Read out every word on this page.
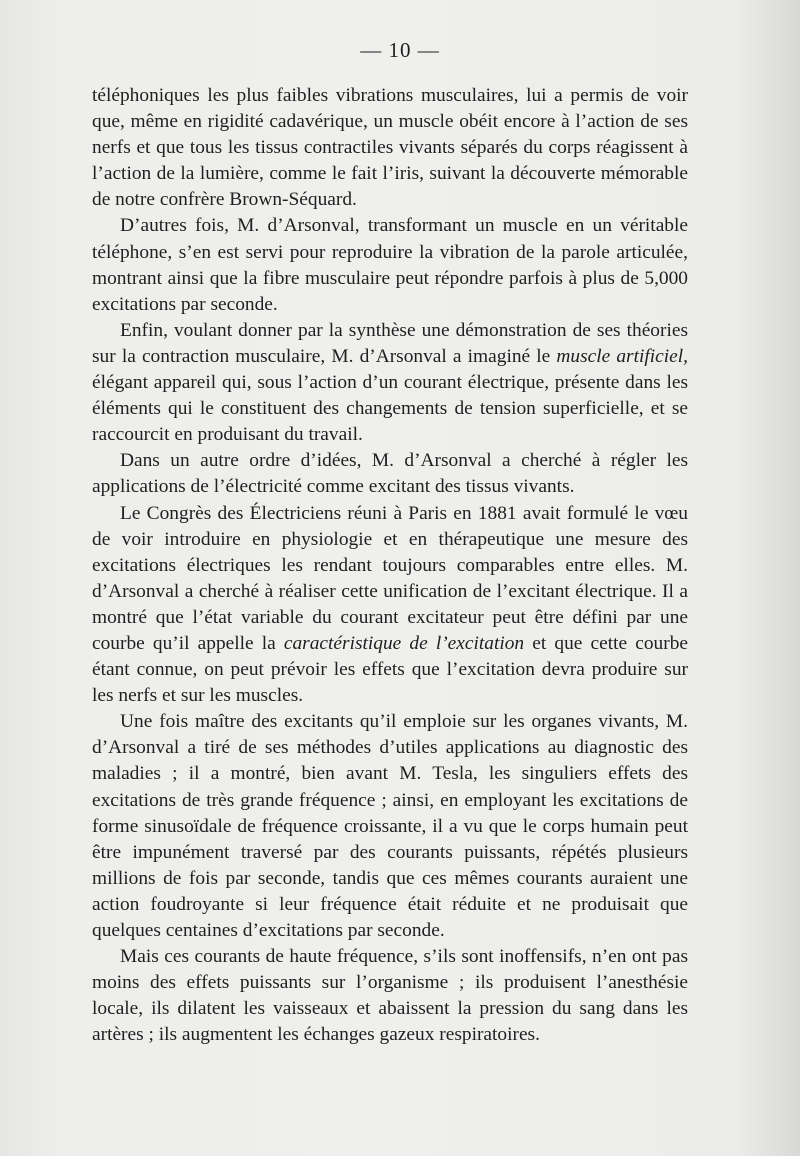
— 10 —

téléphoniques les plus faibles vibrations musculaires, lui a permis de voir que, même en rigidité cadavérique, un muscle obéit encore à l’action de ses nerfs et que tous les tissus contractiles vivants séparés du corps réagissent à l’action de la lumière, comme le fait l’iris, suivant la découverte mémorable de notre confrère Brown-Séquard.

D’autres fois, M. d’Arsonval, transformant un muscle en un véritable téléphone, s’en est servi pour reproduire la vibration de la parole articulée, montrant ainsi que la fibre musculaire peut répondre parfois à plus de 5,000 excitations par seconde.

Enfin, voulant donner par la synthèse une démonstration de ses théories sur la contraction musculaire, M. d’Arsonval a imaginé le muscle artificiel, élégant appareil qui, sous l’action d’un courant électrique, présente dans les éléments qui le constituent des changements de tension superficielle, et se raccourcit en produisant du travail.

Dans un autre ordre d’idées, M. d’Arsonval a cherché à régler les applications de l’électricité comme excitant des tissus vivants.

Le Congrès des Électriciens réuni à Paris en 1881 avait formulé le vœu de voir introduire en physiologie et en thérapeutique une mesure des excitations électriques les rendant toujours comparables entre elles. M. d’Arsonval a cherché à réaliser cette unification de l’excitant électrique. Il a montré que l’état variable du courant excitateur peut être défini par une courbe qu’il appelle la caractéristique de l’excitation et que cette courbe étant connue, on peut prévoir les effets que l’excitation devra produire sur les nerfs et sur les muscles.

Une fois maître des excitants qu’il emploie sur les organes vivants, M. d’Arsonval a tiré de ses méthodes d’utiles applications au diagnostic des maladies ; il a montré, bien avant M. Tesla, les singuliers effets des excitations de très grande fréquence ; ainsi, en employant les excitations de forme sinusoïdale de fréquence croissante, il a vu que le corps humain peut être impunément traversé par des courants puissants, répétés plusieurs millions de fois par seconde, tandis que ces mêmes courants auraient une action foudroyante si leur fréquence était réduite et ne produisait que quelques centaines d’excitations par seconde.

Mais ces courants de haute fréquence, s’ils sont inoffensifs, n’en ont pas moins des effets puissants sur l’organisme ; ils produisent l’anesthésie locale, ils dilatent les vaisseaux et abaissent la pression du sang dans les artères ; ils augmentent les échanges gazeux respiratoires.
